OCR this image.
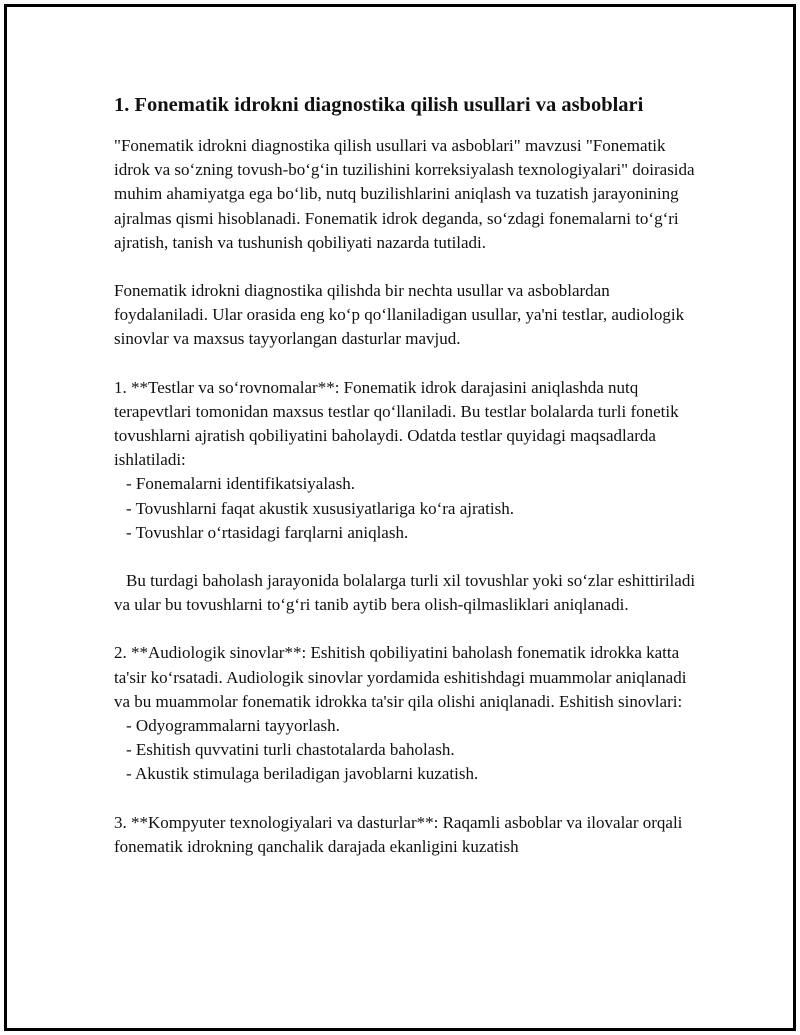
1. Fonematik idrokni diagnostika qilish usullari va asboblari

"Fonematik idrokni diagnostika qilish usullari va asboblari" mavzusi "Fonematik idrok va so‘zning tovush-bo‘g‘in tuzilishini korreksiyalash texnologiyalari" doirasida muhim ahamiyatga ega bo‘lib, nutq buzilishlarini aniqlash va tuzatish jarayonining ajralmas qismi hisoblanadi. Fonematik idrok deganda, so‘zdagi fonemalarni to‘g‘ri ajratish, tanish va tushunish qobiliyati nazarda tutiladi.

Fonematik idrokni diagnostika qilishda bir nechta usullar va asboblardan foydalaniladi. Ular orasida eng ko‘p qo‘llaniladigan usullar, ya'ni testlar, audiologik sinovlar va maxsus tayyorlangan dasturlar mavjud.

1. **Testlar va so‘rovnomalar**: Fonematik idrok darajasini aniqlashda nutq terapevtlari tomonidan maxsus testlar qo‘llaniladi. Bu testlar bolalarda turli fonetik tovushlarni ajratish qobiliyatini baholaydi. Odatda testlar quyidagi maqsadlarda ishlatiladi:

- Fonemalarni identifikatsiyalash.
- Tovushlarni faqat akustik xususiyatlariga ko‘ra ajratish.
- Tovushlar o‘rtasidagi farqlarni aniqlash.

Bu turdagi baholash jarayonida bolalarga turli xil tovushlar yoki so‘zlar eshittiriladi va ular bu tovushlarni to‘g‘ri tanib aytib bera olish-qilmasliklari aniqlanadi.

2. **Audiologik sinovlar**: Eshitish qobiliyatini baholash fonematik idrokka katta ta'sir ko‘rsatadi. Audiologik sinovlar yordamida eshitishdagi muammolar aniqlanadi va bu muammolar fonematik idrokka ta'sir qila olishi aniqlanadi. Eshitish sinovlari:

- Odyogrammalarni tayyorlash.
- Eshitish quvvatini turli chastotalarda baholash.
- Akustik stimulaga beriladigan javoblarni kuzatish.

3. **Kompyuter texnologiyalari va dasturlar**: Raqamli asboblar va ilovalar orqali fonematik idrokning qanchalik darajada ekanligini kuzatish
